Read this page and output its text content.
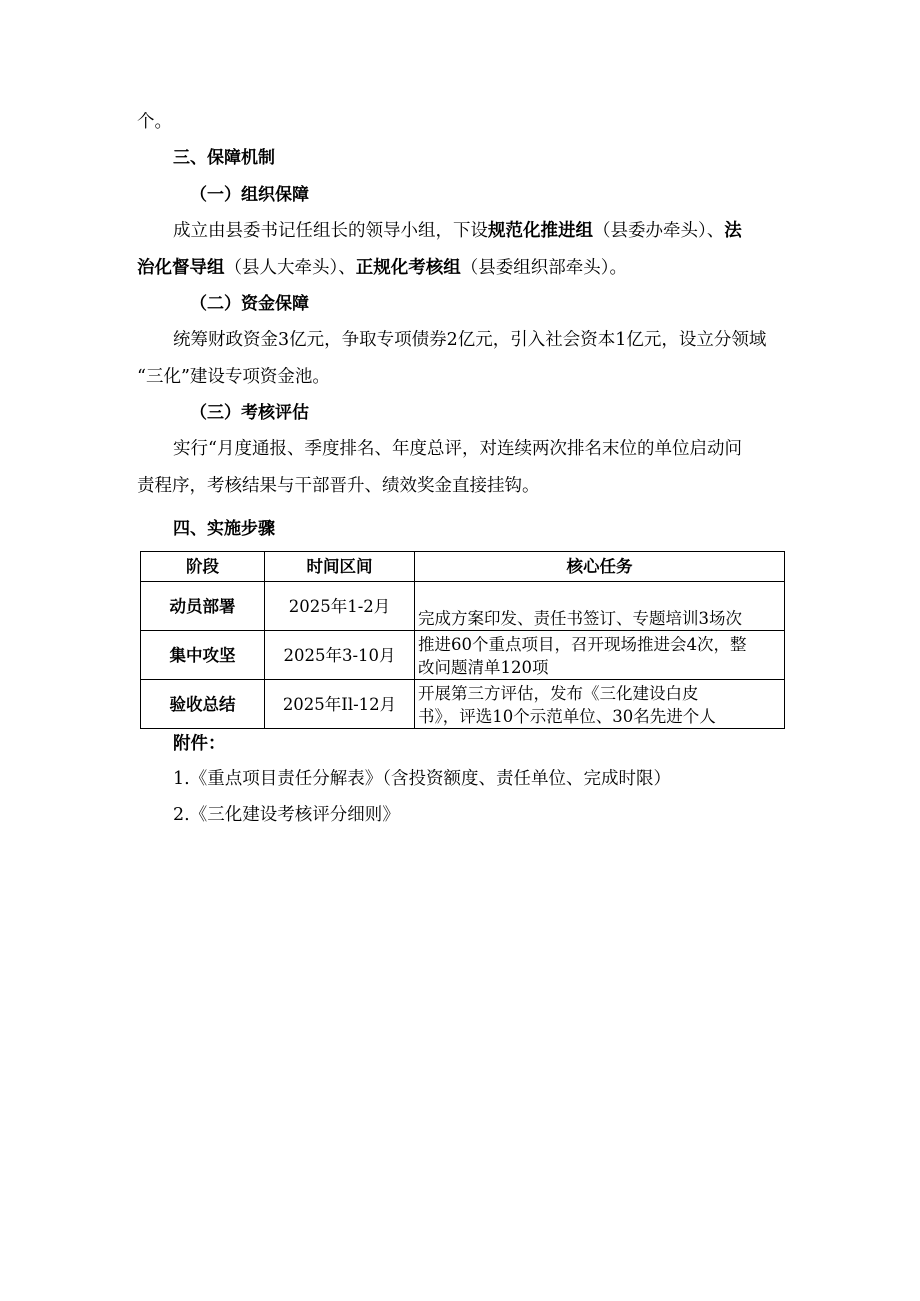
个。
三、保障机制
（一）组织保障
成立由县委书记任组长的领导小组，下设规范化推进组（县委办牵头）、法
治化督导组（县人大牵头）、正规化考核组（县委组织部牵头）。
（二）资金保障
统筹财政资金3亿元，争取专项债券2亿元，引入社会资本1亿元，设立分领域
“三化”建设专项资金池。
（三）考核评估
实行“月度通报、季度排名、年度总评，对连续两次排名末位的单位启动问
责程序，考核结果与干部晋升、绩效奖金直接挂钩。
四、实施步骤
阶段	时间区间	核心任务
动员部署	2025年1-2月	完成方案印发、责任书签订、专题培训3场次

集中攻坚	2025年3-10月	推进60个重点项目，召开现场推进会4次，整
改问题清单120项

验收总结	2025年Il-12月	开展第三方评估，发布《三化建设白皮
书》，评选10个示范单位、30名先进个人
附件：
1.《重点项目责任分解表》（含投资额度、责任单位、完成时限）
2.《三化建设考核评分细则》
